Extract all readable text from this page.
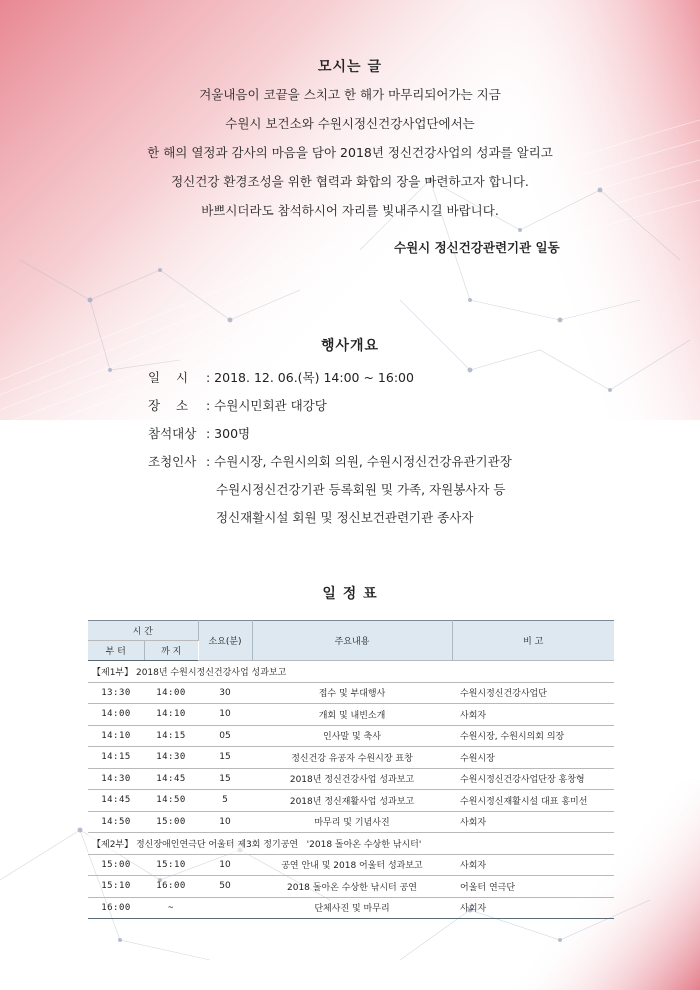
모시는 글
겨울내음이 코끝을 스치고 한 해가 마무리되어가는 지금
수원시 보건소와 수원시정신건강사업단에서는
한 해의 열정과 감사의 마음을 담아 2018년 정신건강사업의 성과를 알리고
정신건강 환경조성을 위한 협력과 화합의 장을 마련하고자 합니다.
바쁘시더라도 참석하시어 자리를 빛내주시길 바랍니다.
수원시 정신건강관련기관 일동
행사개요
일    시 : 2018. 12. 06.(목) 14:00 ~ 16:00
장    소 : 수원시민회관 대강당
참석대상 : 300명
조청인사 : 수원시장, 수원시의회 의원, 수원시정신건강유관기관장
수원시정신건강기관 등록회원 및 가족, 자원봉사자 등
정신재활시설 회원 및 정신보건관련기관 종사자
일 정 표
시 간		소요(분)	주요내용	비 고
부 터	까 지			
【제1부】 2018년 수원시정신건강사업 성과보고				
13:30	14:00	30	접수 및 부대행사	수원시정신건강사업단
14:00	14:10	10	개회 및 내빈소개	사회자
14:10	14:15	05	인사말 및 축사	수원시장, 수원시의회 의장
14:15	14:30	15	정신건강 유공자 수원시장 표창	수원시장
14:30	14:45	15	2018년 정신건강사업 성과보고	수원시정신건강사업단장 홍창형
14:45	14:50	5	2018년 정신재활사업 성과보고	수원시정신재활시설 대표 홍미선
14:50	15:00	10	마무리 및 기념사진	사회자
【제2부】 정신장애인연극단 어울터 제3회 정기공연   '2018 돌아온 수상한 낚시터'				
15:00	15:10	10	공연 안내 및 2018 어울터 성과보고	사회자
15:10	16:00	50	2018 돌아온 수상한 낚시터 공연	어울터 연극단
16:00	~		단체사진 및 마무리	사회자
